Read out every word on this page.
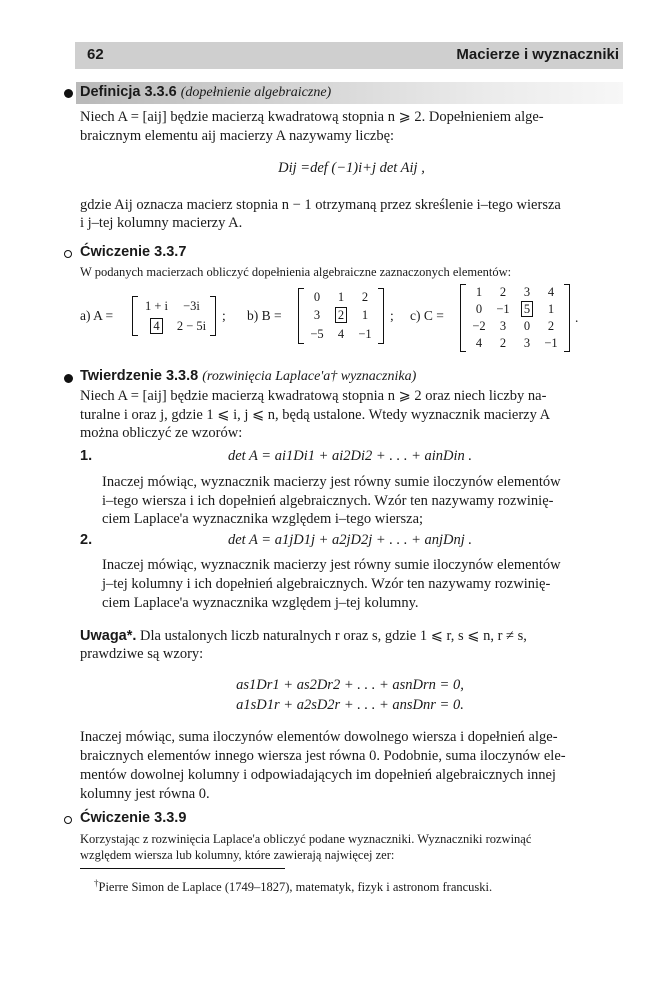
62	Macierze i wyznaczniki
Definicja 3.3.6 (dopełnienie algebraiczne)
Niech A = [aij] będzie macierzą kwadratową stopnia n ⩾ 2. Dopełnieniem alge-
braicznym elementu aij macierzy A nazywamy liczbę:
Dij =def (−1)i+j det Aij ,
gdzie Aij oznacza macierz stopnia n − 1 otrzymaną przez skreślenie i–tego wiersza
i j–tej kolumny macierzy A.
Ćwiczenie 3.3.7
W podanych macierzach obliczyć dopełnienia algebraiczne zaznaczonych elementów:
a) A =
1 + i	−3i
4	2 − 5i
; b) B =
0	1	2
3	2	1
−5	4	−1
; c) C =
1	2	3	4
0	−1	5	1
−2	3	0	2
4	2	3	−1
.
Twierdzenie 3.3.8 (rozwinięcia Laplace'a† wyznacznika)
Niech A = [aij] będzie macierzą kwadratową stopnia n ⩾ 2 oraz niech liczby na-
turalne i oraz j, gdzie 1 ⩽ i, j ⩽ n, będą ustalone. Wtedy wyznacznik macierzy A
można obliczyć ze wzorów:
1.	det A = ai1Di1 + ai2Di2 + . . . + ainDin .
Inaczej mówiąc, wyznacznik macierzy jest równy sumie iloczynów elementów
i–tego wiersza i ich dopełnień algebraicznych. Wzór ten nazywamy rozwinię-
ciem Laplace'a wyznacznika względem i–tego wiersza;
2.	det A = a1jD1j + a2jD2j + . . . + anjDnj .
Inaczej mówiąc, wyznacznik macierzy jest równy sumie iloczynów elementów
j–tej kolumny i ich dopełnień algebraicznych. Wzór ten nazywamy rozwinię-
ciem Laplace'a wyznacznika względem j–tej kolumny.
Uwaga*. Dla ustalonych liczb naturalnych r oraz s, gdzie 1 ⩽ r, s ⩽ n, r ≠ s,
prawdziwe są wzory:
as1Dr1 + as2Dr2 + . . . + asnDrn = 0,
a1sD1r + a2sD2r + . . . + ansDnr = 0.
Inaczej mówiąc, suma iloczynów elementów dowolnego wiersza i dopełnień alge-
braicznych elementów innego wiersza jest równa 0. Podobnie, suma iloczynów ele-
mentów dowolnej kolumny i odpowiadających im dopełnień algebraicznych innej
kolumny jest równa 0.
Ćwiczenie 3.3.9
Korzystając z rozwinięcia Laplace'a obliczyć podane wyznaczniki. Wyznaczniki rozwinąć
względem wiersza lub kolumny, które zawierają najwięcej zer:
†Pierre Simon de Laplace (1749–1827), matematyk, fizyk i astronom francuski.
